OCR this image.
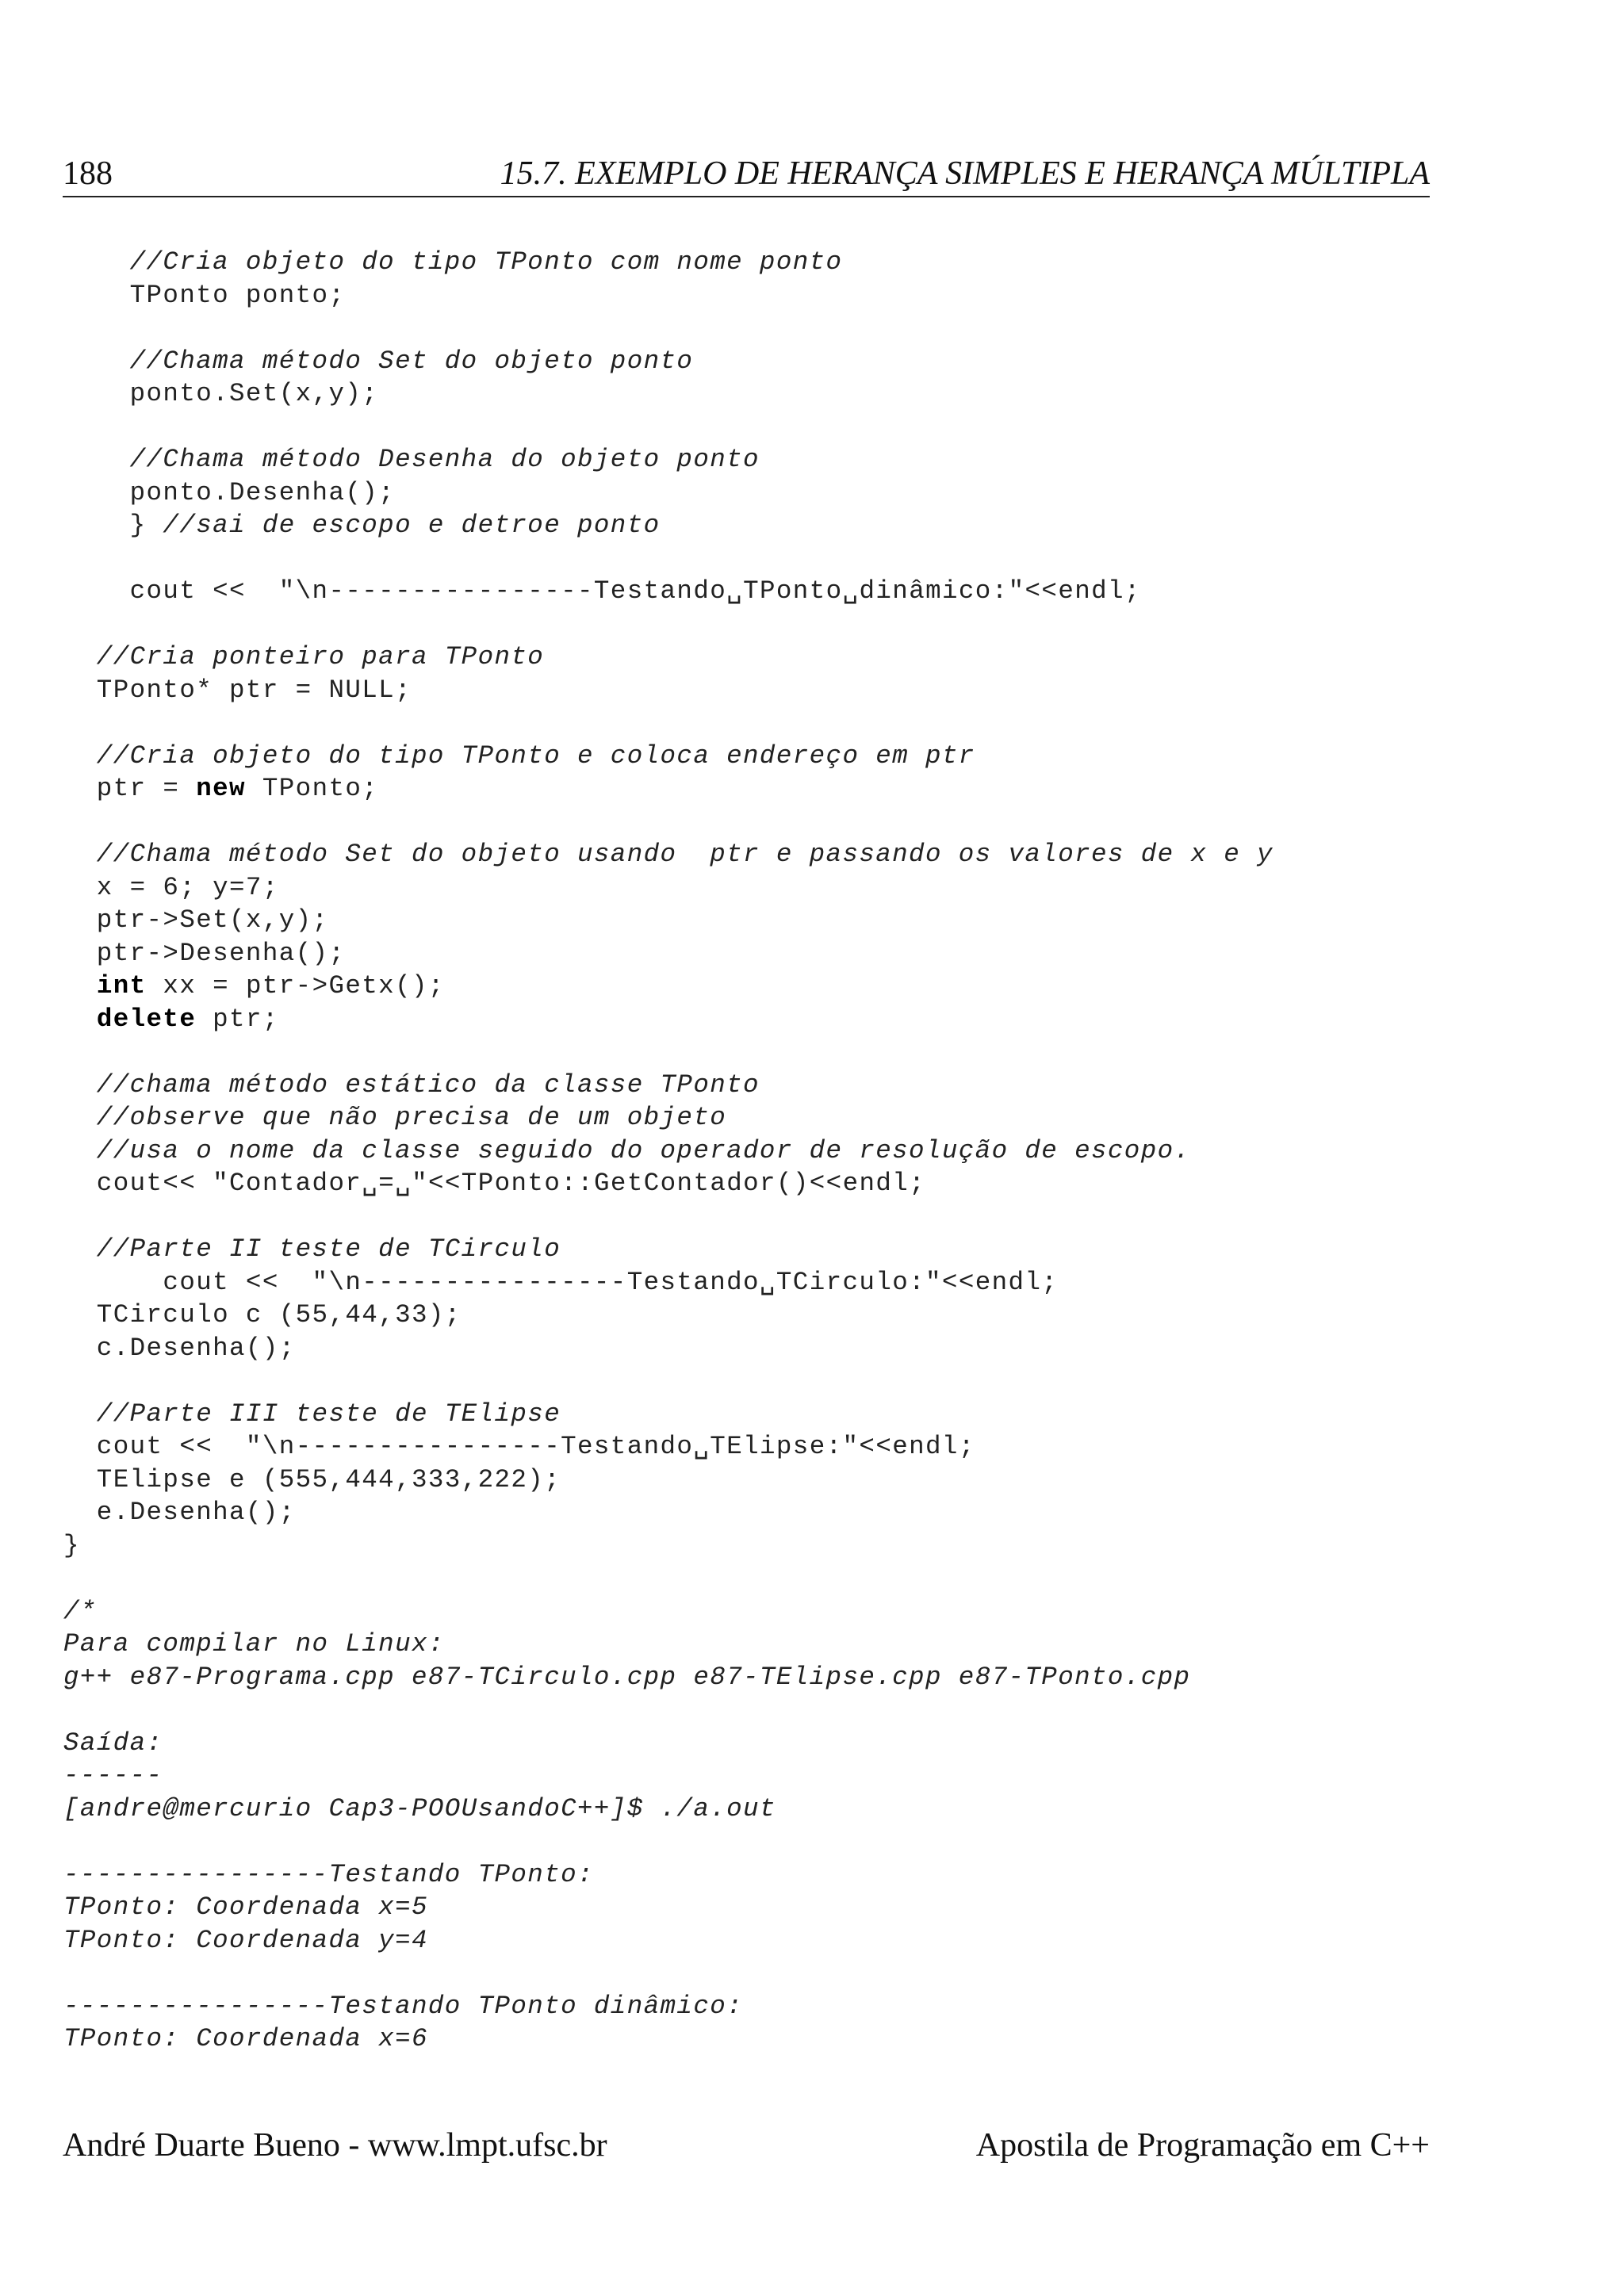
188	15.7. EXEMPLO DE HERANÇA SIMPLES E HERANÇA MÚLTIPLA
//Cria objeto do tipo TPonto com nome ponto
TPonto ponto;
//Chama método Set do objeto ponto
ponto.Set(x,y);
//Chama método Desenha do objeto ponto
ponto.Desenha();
} //sai de escopo e detroe ponto
cout <<  "\n----------------Testando␣TPonto␣dinâmico:"<<endl;
//Cria ponteiro para TPonto
TPonto* ptr = NULL;
//Cria objeto do tipo TPonto e coloca endereço em ptr
ptr = new TPonto;
//Chama método Set do objeto usando  ptr e passando os valores de x e y
x = 6; y=7;
ptr->Set(x,y);
ptr->Desenha();
int xx = ptr->Getx();
delete ptr;
//chama método estático da classe TPonto
//observe que não precisa de um objeto
//usa o nome da classe seguido do operador de resolução de escopo.
cout<< "Contador␣=␣"<<TPonto::GetContador()<<endl;
//Parte II teste de TCirculo
cout <<  "\n----------------Testando␣TCirculo:"<<endl;
TCirculo c (55,44,33);
c.Desenha();
//Parte III teste de TElipse
cout <<  "\n----------------Testando␣TElipse:"<<endl;
TElipse e (555,444,333,222);
e.Desenha();
}
/*
Para compilar no Linux:
g++ e87-Programa.cpp e87-TCirculo.cpp e87-TElipse.cpp e87-TPonto.cpp
Saída:
------
[andre@mercurio Cap3-POOUsandoC++]$ ./a.out
----------------Testando TPonto:
TPonto: Coordenada x=5
TPonto: Coordenada y=4
----------------Testando TPonto dinâmico:
TPonto: Coordenada x=6
André Duarte Bueno - www.lmpt.ufsc.br	Apostila de Programação em C++
